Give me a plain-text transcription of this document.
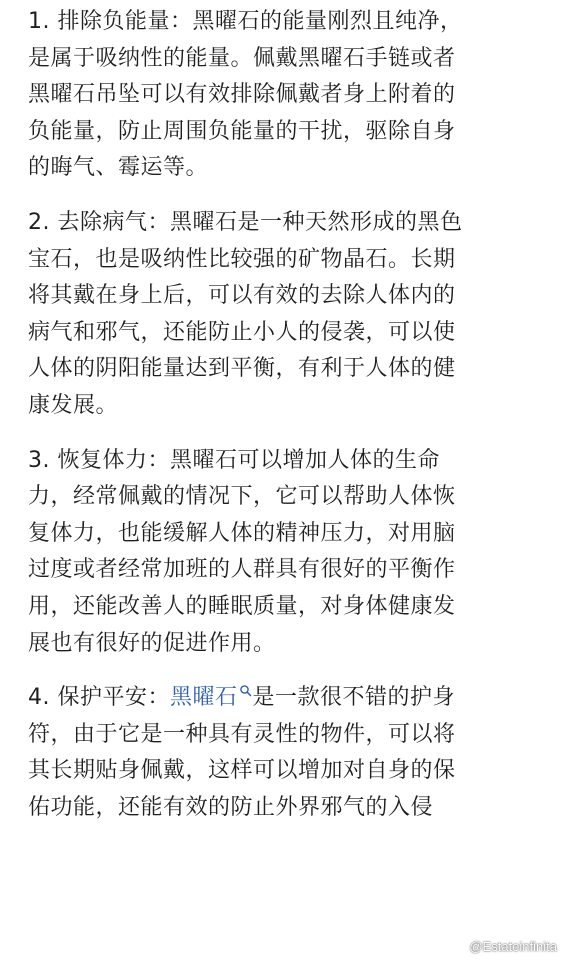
1. 排除负能量：黑曜石的能量刚烈且纯净，
是属于吸纳性的能量。佩戴黑曜石手链或者
黑曜石吊坠可以有效排除佩戴者身上附着的
负能量，防止周围负能量的干扰，驱除自身
的晦气、霉运等。
2. 去除病气：黑曜石是一种天然形成的黑色
宝石，也是吸纳性比较强的矿物晶石。长期
将其戴在身上后，可以有效的去除人体内的
病气和邪气，还能防止小人的侵袭，可以使
人体的阴阳能量达到平衡，有利于人体的健
康发展。
3. 恢复体力：黑曜石可以增加人体的生命
力，经常佩戴的情况下，它可以帮助人体恢
复体力，也能缓解人体的精神压力，对用脑
过度或者经常加班的人群具有很好的平衡作
用，还能改善人的睡眠质量，对身体健康发
展也有很好的促进作用。
4. 保护平安：黑曜石 是一款很不错的护身
符，由于它是一种具有灵性的物件，可以将
其长期贴身佩戴，这样可以增加对自身的保
佑功能，还能有效的防止外界邪气的入侵
@Estateinfinita
